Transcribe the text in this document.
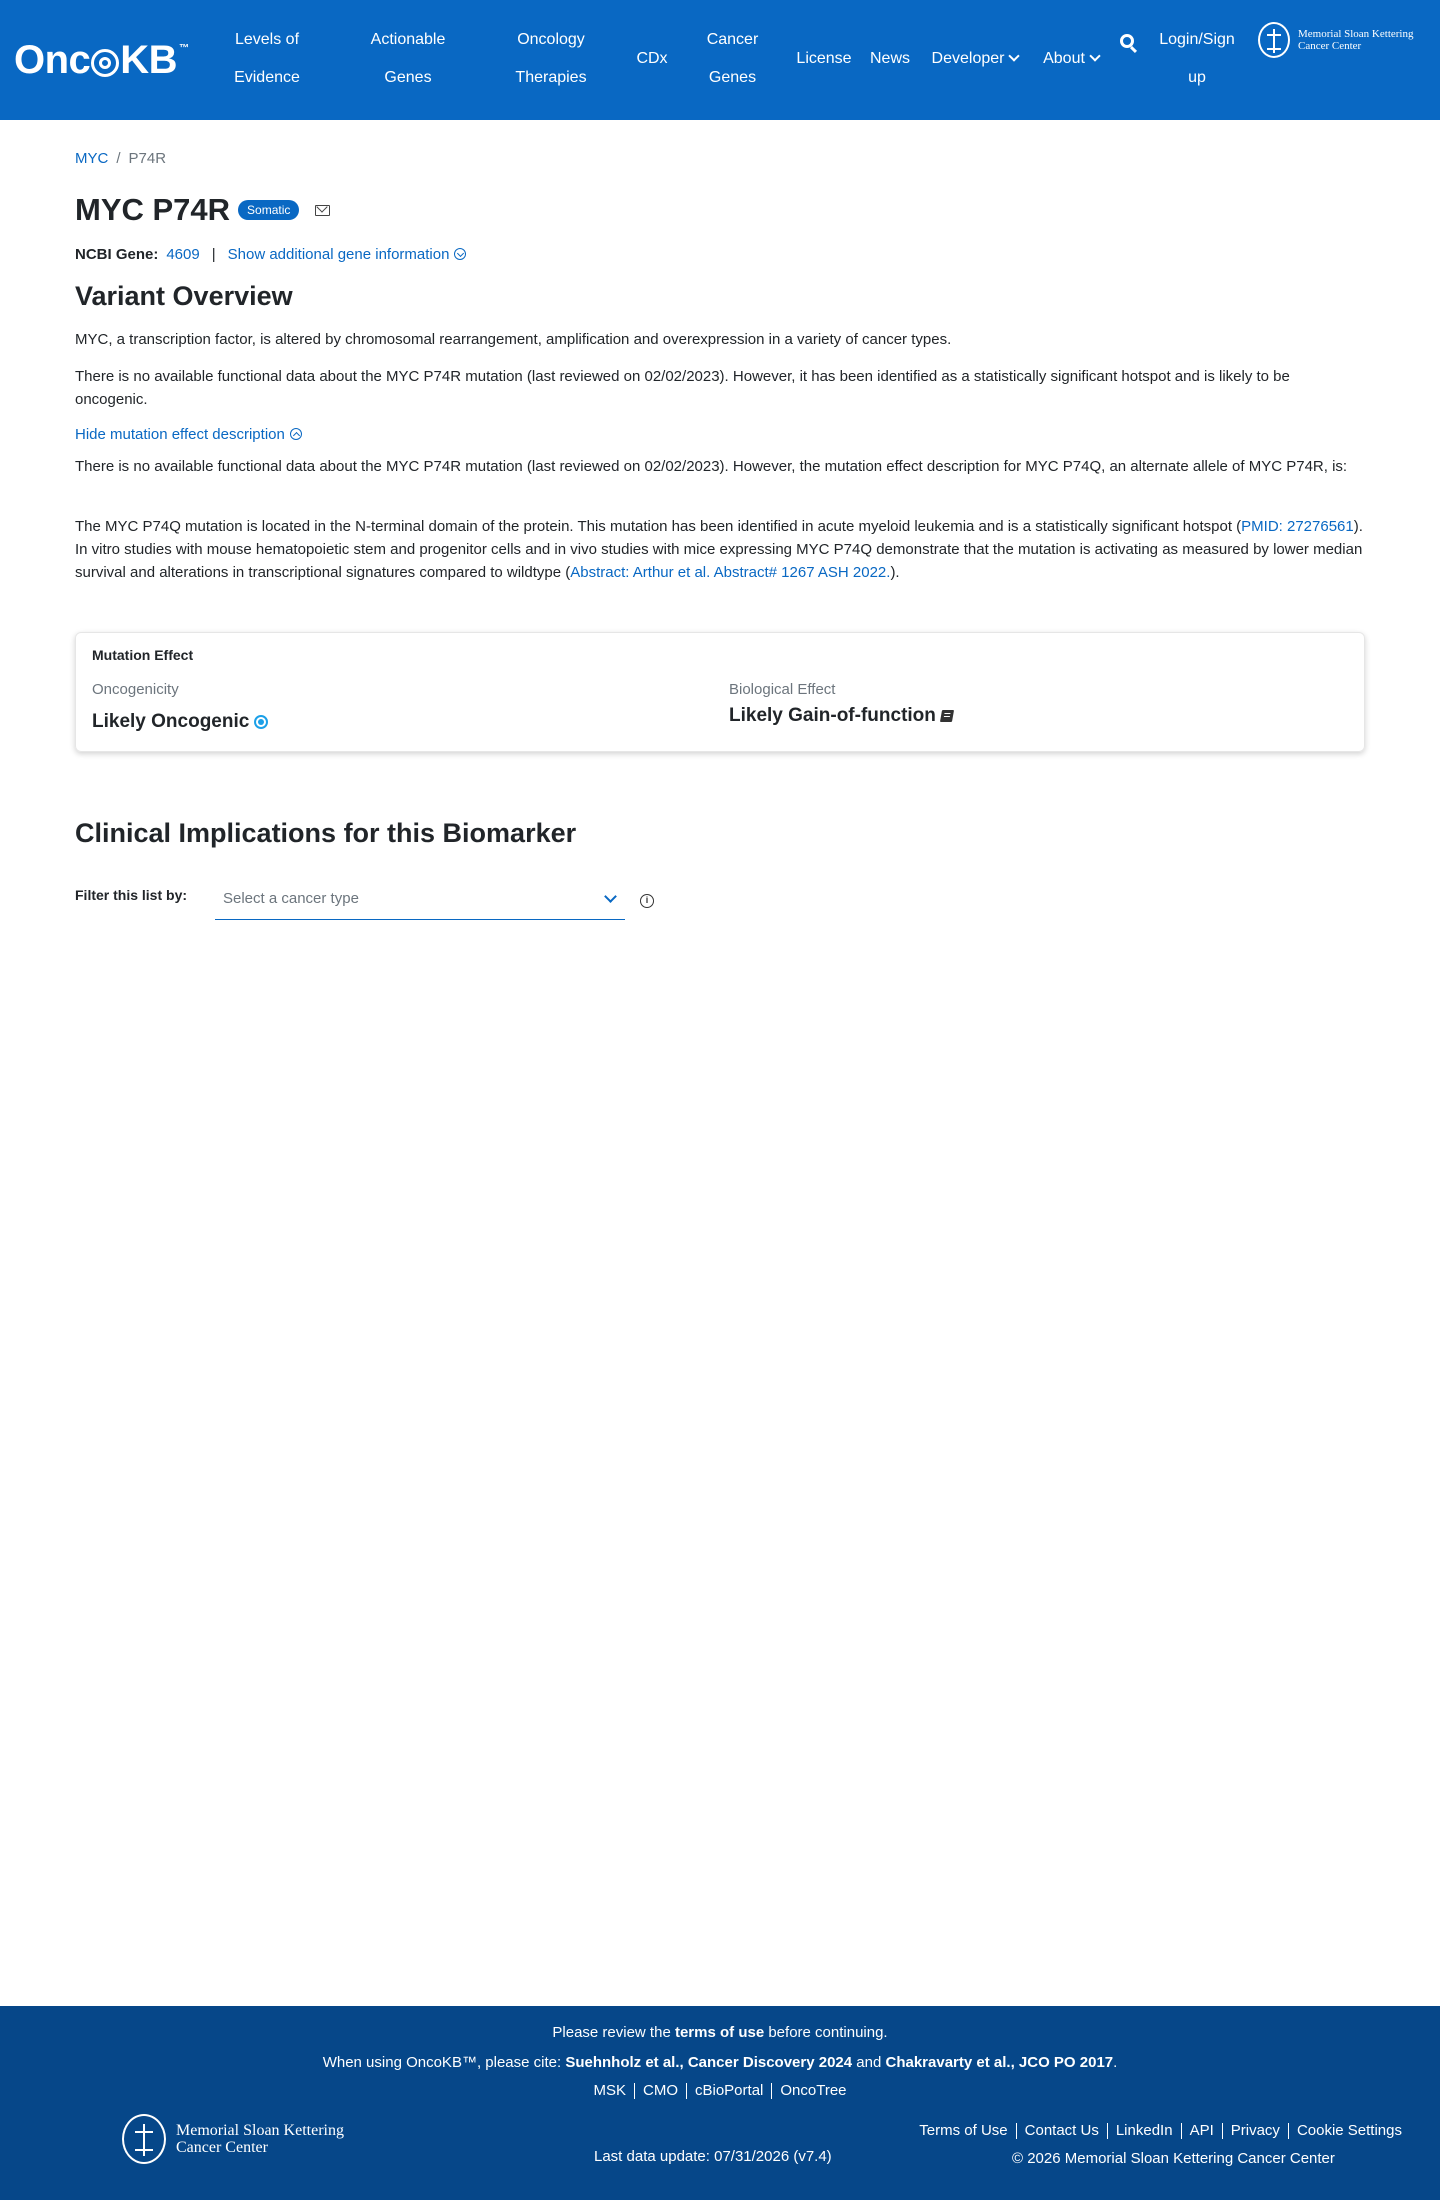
Onc KB ™
Levels of
Evidence
Actionable
Genes
Oncology
Therapies
CDx
Cancer
Genes
License News Developer	About
Login/Sign
up
Memorial Sloan Kettering
Cancer Center
MYC / P74R
MYC P74R	Somatic
NCBI Gene: 4609 | Show additional gene information
Variant Overview

MYC, a transcription factor, is altered by chromosomal rearrangement, amplification and overexpression in a variety of cancer types.

There is no available functional data about the MYC P74R mutation (last reviewed on 02/02/2023). However, it has been identified as a statistically significant hotspot and is likely to be oncogenic.

Hide mutation effect description

There is no available functional data about the MYC P74R mutation (last reviewed on 02/02/2023). However, the mutation effect description for MYC P74Q, an alternate allele of MYC P74R, is:

The MYC P74Q mutation is located in the N-terminal domain of the protein. This mutation has been identified in acute myeloid leukemia and is a statistically significant hotspot (PMID: 27276561). In vitro studies with mouse hematopoietic stem and progenitor cells and in vivo studies with mice expressing MYC P74Q demonstrate that the mutation is activating as measured by lower median survival and alterations in transcriptional signatures compared to wildtype (Abstract: Arthur et al. Abstract# 1267 ASH 2022.).

Mutation Effect
Oncogenicity
Likely Oncogenic
Biological Effect
Likely Gain-of-function
Clinical Implications for this Biomarker
Filter this list by: Select a cancer type	i
Please review the terms of use before continuing.
When using OncoKB™, please cite: Suehnholz et al., Cancer Discovery 2024 and Chakravarty et al., JCO PO 2017.
MSK CMO cBioPortal OncoTree
Memorial Sloan Kettering
Cancer Center
Last data update: 07/31/2026 (v7.4)
Terms of Use Contact Us LinkedIn API Privacy Cookie Settings
© 2026 Memorial Sloan Kettering Cancer Center
